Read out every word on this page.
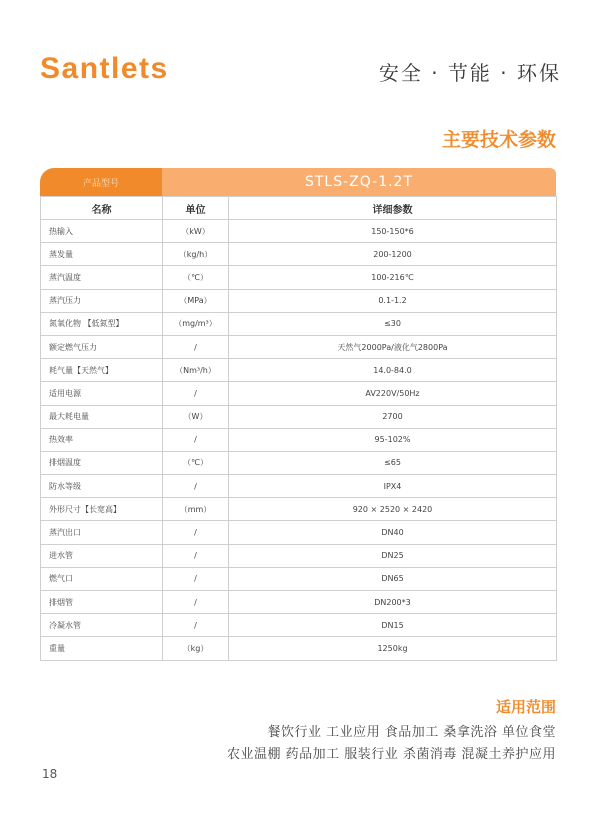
Santlets	安全 · 节能 · 环保
主要技术参数
产品型号	STLS-ZQ-1.2T
名称	单位	详细参数
热输入	（kW）	150-150*6
蒸发量	（kg/h）	200-1200
蒸汽温度	（℃）	100-216℃
蒸汽压力	（MPa）	0.1-1.2
氮氧化物 【低氮型】	（mg/m³）	≤30
额定燃气压力	/	天然气2000Pa/液化气2800Pa
耗气量【天然气】	（Nm³/h）	14.0-84.0
适用电源	/	AV220V/50Hz
最大耗电量	（W）	2700
热效率	/	95-102%
排烟温度	（℃）	≤65
防水等级	/	IPX4
外形尺寸【长宽高】	（mm）	920 × 2520 × 2420
蒸汽出口	/	DN40
进水管	/	DN25
燃气口	/	DN65
排烟管	/	DN200*3
冷凝水管	/	DN15
重量	（kg）	1250kg
适用范围
餐饮行业 工业应用 食品加工 桑拿洗浴 单位食堂
农业温棚 药品加工 服装行业 杀菌消毒 混凝土养护应用
18
